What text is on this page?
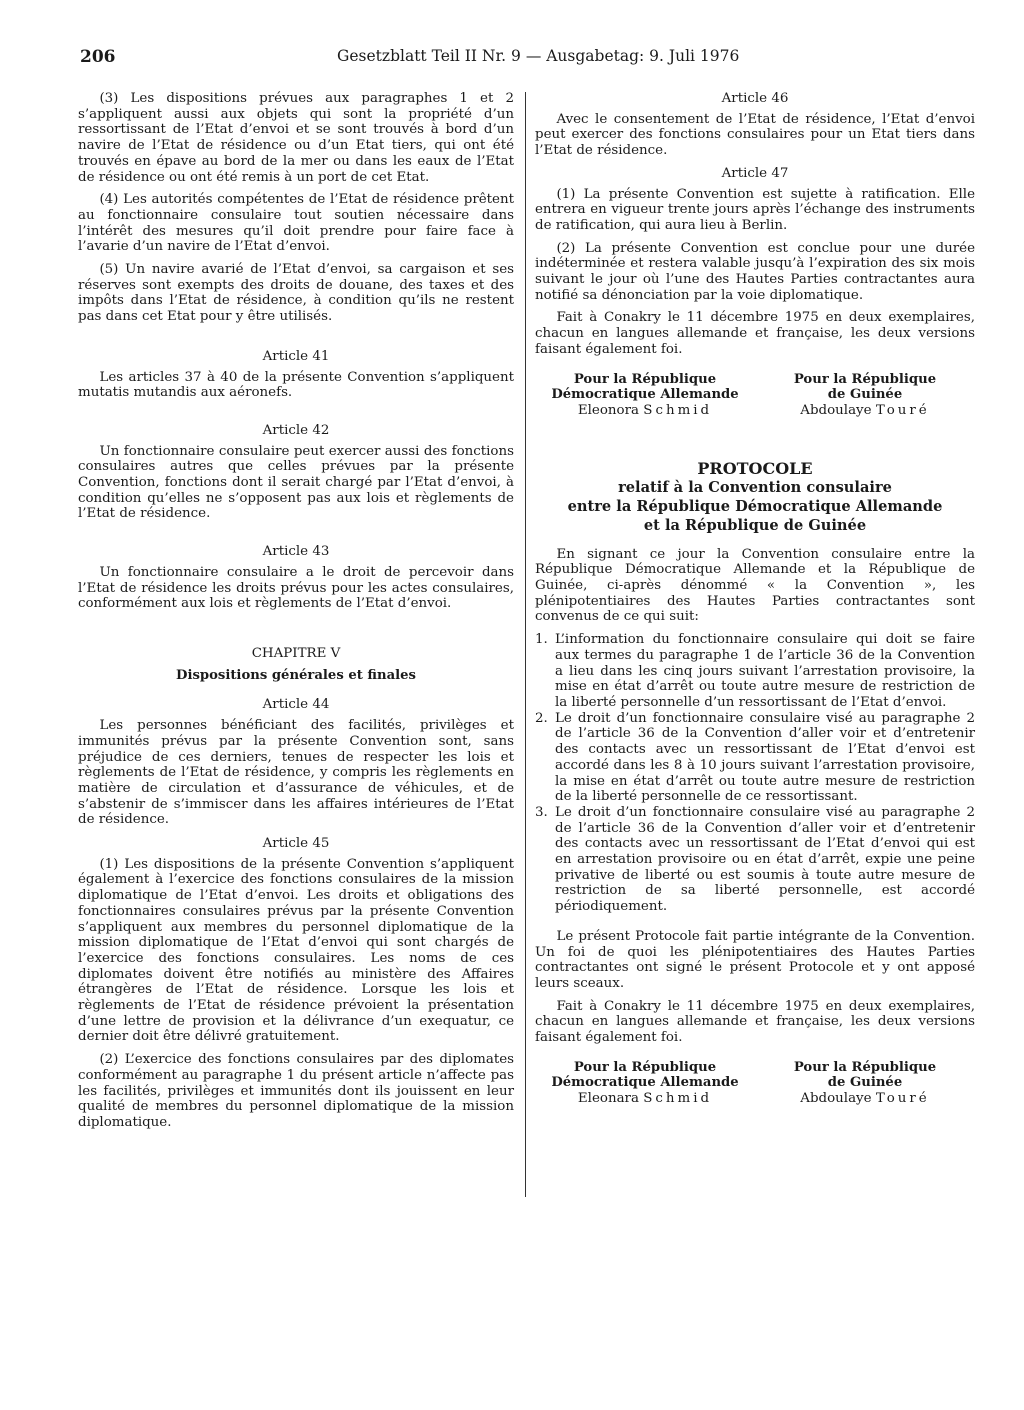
206	Gesetzblatt Teil II Nr. 9 — Ausgabetag: 9. Juli 1976

(3) Les dispositions prévues aux paragraphes 1 et 2 s’appliquent aussi aux objets qui sont la propriété d’un ressortissant de l’Etat d’envoi et se sont trouvés à bord d’un navire de l’Etat de résidence ou d’un Etat tiers, qui ont été trouvés en épave au bord de la mer ou dans les eaux de l’Etat de résidence ou ont été remis à un port de cet Etat.

(4) Les autorités compétentes de l’Etat de résidence prêtent au fonctionnaire consulaire tout soutien nécessaire dans l’intérêt des mesures qu’il doit prendre pour faire face à l’avarie d’un navire de l’Etat d’envoi.

(5) Un navire avarié de l’Etat d’envoi, sa cargaison et ses réserves sont exempts des droits de douane, des taxes et des impôts dans l’Etat de résidence, à condition qu’ils ne restent pas dans cet Etat pour y être utilisés.

Article 41

Les articles 37 à 40 de la présente Convention s’appliquent mutatis mutandis aux aéronefs.

Article 42

Un fonctionnaire consulaire peut exercer aussi des fonctions consulaires autres que celles prévues par la présente Convention, fonctions dont il serait chargé par l’Etat d’envoi, à condition qu’elles ne s’opposent pas aux lois et règlements de l’Etat de résidence.

Article 43

Un fonctionnaire consulaire a le droit de percevoir dans l’Etat de résidence les droits prévus pour les actes consulaires, conformément aux lois et règlements de l’Etat d’envoi.

CHAPITRE V
Dispositions générales et finales
Article 44

Les personnes bénéficiant des facilités, privilèges et immunités prévus par la présente Convention sont, sans préjudice de ces derniers, tenues de respecter les lois et règlements de l’Etat de résidence, y compris les règlements en matière de circulation et d’assurance de véhicules, et de s’abstenir de s’immiscer dans les affaires intérieures de l’Etat de résidence.

Article 45

(1) Les dispositions de la présente Convention s’appliquent également à l’exercice des fonctions consulaires de la mission diplomatique de l’Etat d’envoi. Les droits et obligations des fonctionnaires consulaires prévus par la présente Convention s’appliquent aux membres du personnel diplomatique de la mission diplomatique de l’Etat d’envoi qui sont chargés de l’exercice des fonctions consulaires. Les noms de ces diplomates doivent être notifiés au ministère des Affaires étrangères de l’Etat de résidence. Lorsque les lois et règlements de l’Etat de résidence prévoient la présentation d’une lettre de provision et la délivrance d’un exequatur, ce dernier doit être délivré gratuitement.

(2) L’exercice des fonctions consulaires par des diplomates conformément au paragraphe 1 du présent article n’affecte pas les facilités, privilèges et immunités dont ils jouissent en leur qualité de membres du personnel diplomatique de la mission diplomatique.

Article 46

Avec le consentement de l’Etat de résidence, l’Etat d’envoi peut exercer des fonctions consulaires pour un Etat tiers dans l’Etat de résidence.

Article 47

(1) La présente Convention est sujette à ratification. Elle entrera en vigueur trente jours après l’échange des instruments de ratification, qui aura lieu à Berlin.

(2) La présente Convention est conclue pour une durée indéterminée et restera valable jusqu’à l’expiration des six mois suivant le jour où l’une des Hautes Parties contractantes aura notifié sa dénonciation par la voie diplomatique.

Fait à Conakry le 11 décembre 1975 en deux exemplaires, chacun en langues allemande et française, les deux versions faisant également foi.

Pour la République
Démocratique Allemande
Eleonora Schmid
Pour la République
de Guinée
Abdoulaye Touré
PROTOCOLE
relatif à la Convention consulaire
entre la République Démocratique Allemande
et la République de Guinée

En signant ce jour la Convention consulaire entre la République Démocratique Allemande et la République de Guinée, ci-après dénommé « la Convention », les plénipotentiaires des Hautes Parties contractantes sont convenus de ce qui suit:

1. L’information du fonctionnaire consulaire qui doit se faire aux termes du paragraphe 1 de l’article 36 de la Convention a lieu dans les cinq jours suivant l’arrestation provisoire, la mise en état d’arrêt ou toute autre mesure de restriction de la liberté personnelle d’un ressortissant de l’Etat d’envoi.
2. Le droit d’un fonctionnaire consulaire visé au paragraphe 2 de l’article 36 de la Convention d’aller voir et d’entretenir des contacts avec un ressortissant de l’Etat d’envoi est accordé dans les 8 à 10 jours suivant l’arrestation provisoire, la mise en état d’arrêt ou toute autre mesure de restriction de la liberté personnelle de ce ressortissant.
3. Le droit d’un fonctionnaire consulaire visé au paragraphe 2 de l’article 36 de la Convention d’aller voir et d’entretenir des contacts avec un ressortissant de l’Etat d’envoi qui est en arrestation provisoire ou en état d’arrêt, expie une peine privative de liberté ou est soumis à toute autre mesure de restriction de sa liberté personnelle, est accordé périodiquement.

Le présent Protocole fait partie intégrante de la Convention. Un foi de quoi les plénipotentiaires des Hautes Parties contractantes ont signé le présent Protocole et y ont apposé leurs sceaux.

Fait à Conakry le 11 décembre 1975 en deux exemplaires, chacun en langues allemande et française, les deux versions faisant également foi.

Pour la République
Démocratique Allemande
Eleonara Schmid
Pour la République
de Guinée
Abdoulaye Touré
